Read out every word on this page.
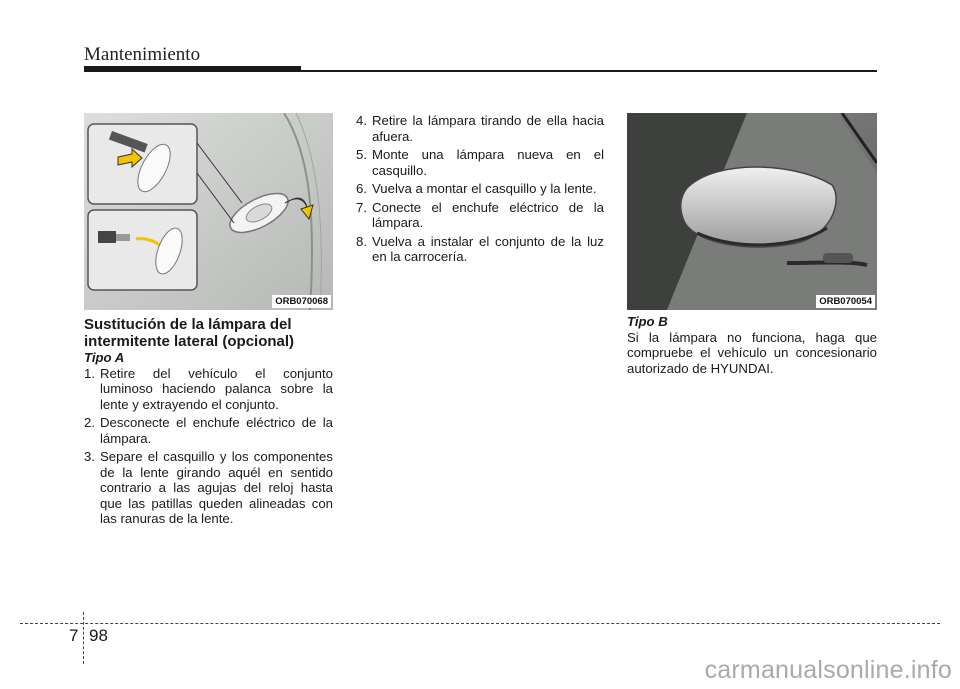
Mantenimiento
ORB070068	ORB070054

Sustitución de la lámpara del intermitente lateral (opcional)

Tipo A

1. Retire del vehículo el conjunto luminoso haciendo palanca sobre la lente y extrayendo el conjunto.
2. Desconecte el enchufe eléctrico de la lámpara.
3. Separe el casquillo y los componentes de la lente girando aquél en sentido contrario a las agujas del reloj hasta que las patillas queden alineadas con las ranuras de la lente.
4. Retire la lámpara tirando de ella hacia afuera.
5. Monte una lámpara nueva en el casquillo.
6. Vuelva a montar el casquillo y la lente.
7. Conecte el enchufe eléctrico de la lámpara.
8. Vuelva a instalar el conjunto de la luz en la carrocería.

Tipo B

Si la lámpara no funciona, haga que compruebe el vehículo un concesionario autorizado de HYUNDAI.

7 98
carmanualsonline.info
